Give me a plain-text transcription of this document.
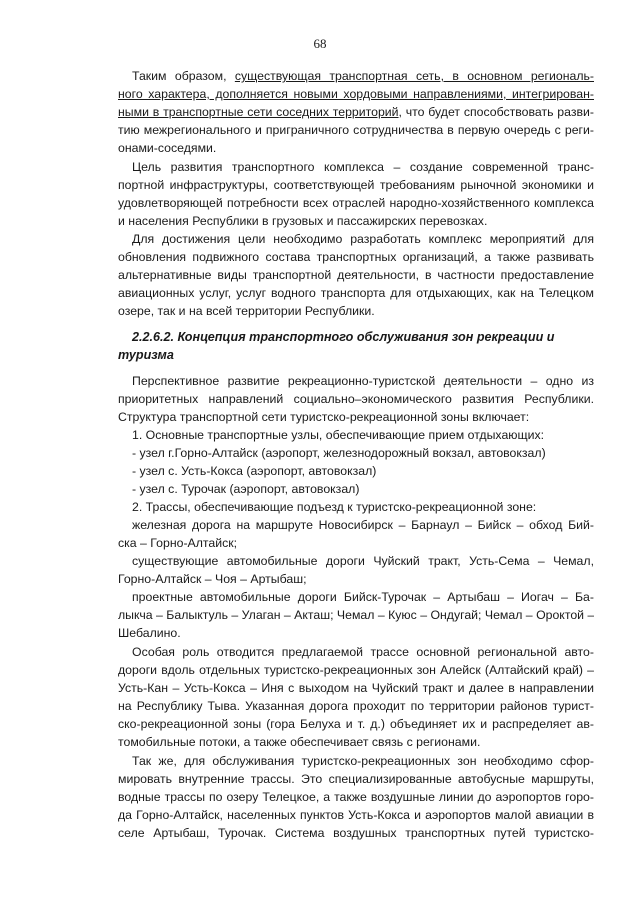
68
Таким образом, существующая транспортная сеть, в основном региональ-
ного характера, дополняется новыми хордовыми направлениями, интегрирован-
ными в транспортные сети соседних территорий, что будет способствовать разви-
тию межрегионального и приграничного сотрудничества в первую очередь с реги-
онами-соседями.
Цель развития транспортного комплекса – создание современной транс-
портной инфраструктуры, соответствующей требованиям рыночной экономики и
удовлетворяющей потребности всех отраслей народно-хозяйственного комплекса
и населения Республики в грузовых и пассажирских перевозках.
Для достижения цели необходимо разработать комплекс мероприятий для
обновления подвижного состава транспортных организаций, а также развивать
альтернативные виды транспортной деятельности, в частности предоставление
авиационных услуг, услуг водного транспорта для отдыхающих, как на Телецком
озере, так и на всей территории Республики.
2.2.6.2. Концепция транспортного обслуживания зон рекреации и
туризма
Перспективное развитие рекреационно-туристской деятельности – одно из
приоритетных направлений социально–экономического развития Республики.
Структура транспортной сети туристско-рекреационной зоны включает:
1. Основные транспортные узлы, обеспечивающие прием отдыхающих:
- узел г.Горно-Алтайск (аэропорт, железнодорожный вокзал, автовокзал)
- узел с. Усть-Кокса (аэропорт, автовокзал)
- узел с. Турочак (аэропорт, автовокзал)
2. Трассы, обеспечивающие подъезд к туристско-рекреационной зоне:
железная дорога на маршруте Новосибирск – Барнаул – Бийск – обход Бий-
ска – Горно-Алтайск;
существующие автомобильные дороги Чуйский тракт, Усть-Сема – Чемал,
Горно-Алтайск – Чоя – Артыбаш;
проектные автомобильные дороги Бийск-Турочак – Артыбаш – Иогач – Ба-
лыкча – Балыктуль – Улаган – Акташ; Чемал – Куюс – Ондугай; Чемал – Ороктой –
Шебалино.
Особая роль отводится предлагаемой трассе основной региональной авто-
дороги вдоль отдельных туристско-рекреационных зон Алейск (Алтайский край) –
Усть-Кан – Усть-Кокса – Иня с выходом на Чуйский тракт и далее в направлении
на Республику Тыва. Указанная дорога проходит по территории районов турист-
ско-рекреационной зоны (гора Белуха и т. д.) объединяет их и распределяет ав-
томобильные потоки, а также обеспечивает связь с регионами.
Так же, для обслуживания туристско-рекреационных зон необходимо сфор-
мировать внутренние трассы. Это специализированные автобусные маршруты,
водные трассы по озеру Телецкое, а также воздушные линии до аэропортов горо-
да Горно-Алтайск, населенных пунктов Усть-Кокса и аэропортов малой авиации в
селе Артыбаш, Турочак. Система воздушных транспортных путей туристско-
